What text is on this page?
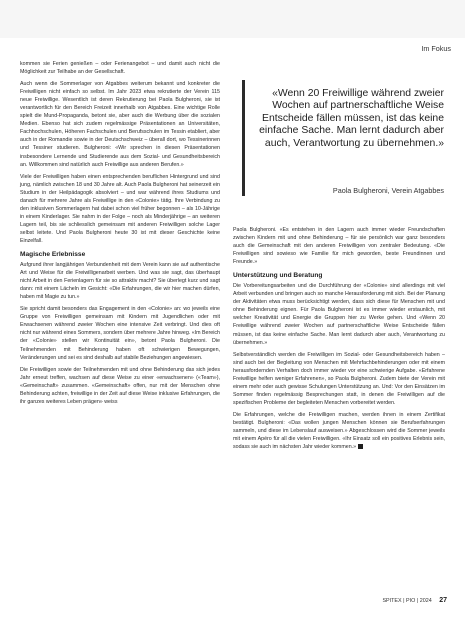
Im Fokus
«Wenn 20 Freiwillige während zweier Wochen auf partnerschaftliche Weise Entscheide fällen müssen, ist das keine einfache Sache. Man lernt dadurch aber auch, Verantwortung zu übernehmen.»
Paola Bulgheroni, Verein Atgabbes

kommen sie Ferien genießen – oder Ferienangebot – und damit auch nicht die Möglichkeit zur Teilhabe an der Gesellschaft.

Auch wenn die Sommerlager von Atgabbes weiterum bekannt und konkreter die Freiwilligen nicht einfach so selbst. Im Jahr 2023 etwa rekrutierte der Verein 115 neue Freiwillige. Wesentlich ist deren Rekrutierung bei Paola Bulgheroni, sie ist verantwortlich für den Bereich Freizeit innerhalb von Atgabbes. Eine wichtige Rolle spielt die Mund-Propaganda, betont sie, aber auch die Werbung über die sozialen Medien. Ebenso hat sich zudem regelmässige Präsentationen an Universitäten, Fachhochschulen, Höheren Fachschulen und Berufsschulen im Tessin etabliert, aber auch in der Romandie sowie in der Deutschschweiz – überall dort, wo Tessinerinnen und Tessiner studieren. Bulgheroni: «Wir sprechen in diesen Präsentationen insbesondere Lernende und Studierende aus dem Sozial- und Gesundheitsbereich an. Willkommen sind natürlich auch Freiwillige aus anderen Berufen.»

Viele der Freiwilligen haben einen entsprechenden beruflichen Hintergrund und sind jung, nämlich zwischen 18 und 30 Jahre alt. Auch Paola Bulgheroni hat seinerzeit ein Studium in der Heilpädagogik absolviert – und war während ihres Studiums und danach für mehrere Jahre als Freiwillige in den «Colonie» tätig. Ihre Verbindung zu den inklusiven Sommerlagern hat dabei schon viel früher begonnen – als 10-Jährige in einem Kinderlager. Sie nahm in der Folge – noch als Minderjährige – an weiteren Lagern teil, bis sie schliesslich gemeinsam mit anderen Freiwilligen solche Lager selbst leitete. Und Paola Bulgheroni heute 30 ist mit dieser Geschichte keine Einzelfall.

Magische Erlebnisse

Aufgrund ihrer langjährigen Verbundenheit mit dem Verein kann sie auf authentische Art und Weise für die Freiwilligenarbeit werben. Und was sie sagt, das überhaupt nicht Arbeit in den Ferienlagern für sie so attraktiv macht? Sie überlegt kurz und sagt dann: mit einem Lächeln im Gesicht: «Die Erfahrungen, die wir hier machen dürfen, haben mit Magie zu tun.»

Sie spricht damit besonders das Engagement in den «Colonie» an: wo jeweils eine Gruppe von Freiwilligen gemeinsam mit Kindern mit Jugendlichen oder mit Erwachsenen während zweier Wochen eine intensive Zeit verbringt. Und dies oft nicht nur während eines Sommers, sondern über mehrere Jahre hinweg. «Im Bereich der «Colonie» stellen wir Kontinuität ein», betont Paola Bulgheroni. Die Teilnehmenden mit Behinderung haben oft schwierigen Bewegungen, Veränderungen und sei es sind deshalb auf stabile Beziehungen angewiesen.

Die Freiwilligen sowie der Teilnehmenden mit und ohne Behinderung das sich jedes Jahr erneut treffen, wachsen auf diese Weise zu einer «erwachsenen» («Team»), «Gemeinschaft» zusammen. «Gemeinschaft» offen, nur mit der Menschen ohne Behinderung achten, freiwillige in der Zeit auf diese Weise inklusive Erfahrungen, die ihr ganzes weiteres Leben prägen» weiss

Paola Bulgheroni. «Es entstehen in den Lagern auch immer wieder Freundschaften zwischen Kindern mit und ohne Behinderung – für sie persönlich war ganz besonders auch die Gemeinschaft mit den anderen Freiwilligen von zentraler Bedeutung. «Die Freiwilligen sind sowieso wie Familie für mich geworden, beste Freundinnen und Freunde.»

Unterstützung und Beratung

Die Vorbereitungsarbeiten und die Durchführung der «Colonie» sind allerdings mit viel Arbeit verbunden und bringen auch so manche Herausforderung mit sich. Bei der Planung der Aktivitäten etwa muss berücksichtigt werden, dass sich diese für Menschen mit und ohne Behinderung eignen. Für Paola Bulgheroni ist es immer wieder erstaunlich, mit welcher Kreativität und Energie die Gruppen hier zu Werke gehen. Und «Wenn 20 Freiwillige während zweier Wochen auf partnerschaftliche Weise Entscheide fällen müssen, ist das keine einfache Sache. Man lernt dadurch aber auch, Verantwortung zu übernehmen.»

Selbstverständlich werden die Freiwilligen im Sozial- oder Gesundheitsbereich haben – sind auch bei der Begleitung von Menschen mit Mehrfachbehinderungen oder mit einem herausfordernden Verhalten doch immer wieder vor eine schwierige Aufgabe. «Erfahrene Freiwillige helfen weniger Erfahrenen», so Paola Bulgheroni. Zudem biete der Verein mit einem mehr oder auch gewisse Schulungen Unterstützung an. Und: Vor den Einsätzen im Sommer finden regelmässig Besprechungen statt, in denen die Freiwilligen auf die spezifischen Probleme der begleiteten Menschen vorbereitet werden.

Die Erfahrungen, welche die Freiwilligen machen, werden ihnen in einem Zertifikat bestätigt. Bulgheroni: «Das wollen jungen Menschen können sie Berufserfahrungen sammeln, und diese im Lebenslauf ausweisen.» Abgeschlossen wird die Sommer jeweils mit einem Apéro für all die vielen Freiwilligen. «Ihr Einsatz soll ein positives Erlebnis sein, sodass sie auch im nächsten Jahr wieder kommen.»

SPITEX | PIO | 2024 27
